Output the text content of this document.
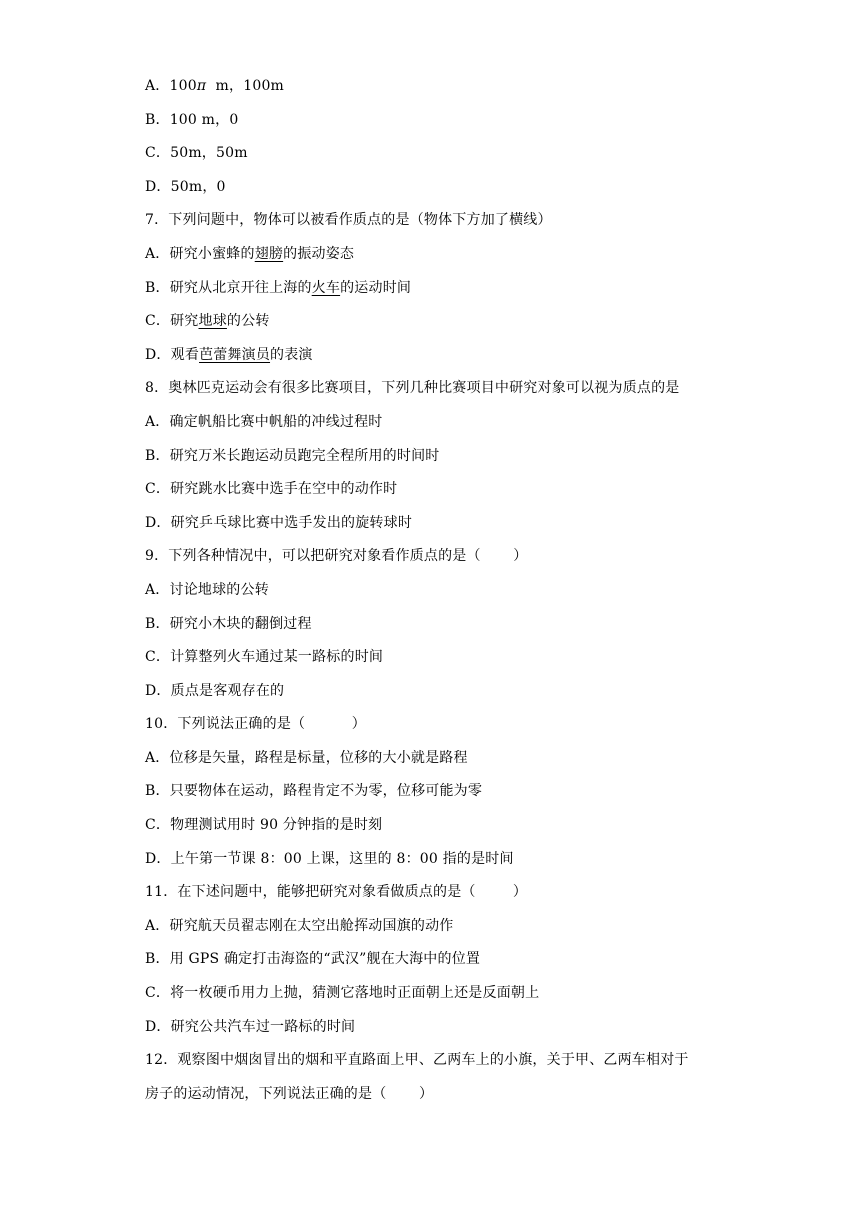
A．100π  m，100m
B．100 m，0
C．50m，50m
D．50m，0
7．下列问题中，物体可以被看作质点的是（物体下方加了横线）
A．研究小蜜蜂的翅膀的振动姿态
B．研究从北京开往上海的火车的运动时间
C．研究地球的公转
D．观看芭蕾舞演员的表演
8．奥林匹克运动会有很多比赛项目，下列几种比赛项目中研究对象可以视为质点的是
A．确定帆船比赛中帆船的冲线过程时
B．研究万米长跑运动员跑完全程所用的时间时
C．研究跳水比赛中选手在空中的动作时
D．研究乒乓球比赛中选手发出的旋转球时
9．下列各种情况中，可以把研究对象看作质点的是（       ）
A．讨论地球的公转
B．研究小木块的翻倒过程
C．计算整列火车通过某一路标的时间
D．质点是客观存在的
10．下列说法正确的是（          ）
A．位移是矢量，路程是标量，位移的大小就是路程
B．只要物体在运动，路程肯定不为零，位移可能为零
C．物理测试用时 90 分钟指的是时刻
D．上午第一节课 8：00 上课，这里的 8：00 指的是时间
11．在下述问题中，能够把研究对象看做质点的是（        ）
A．研究航天员翟志刚在太空出舱挥动国旗的动作
B．用 GPS 确定打击海盗的“武汉”舰在大海中的位置
C．将一枚硬币用力上抛，猜测它落地时正面朝上还是反面朝上
D．研究公共汽车过一路标的时间
12．观察图中烟囱冒出的烟和平直路面上甲、乙两车上的小旗，关于甲、乙两车相对于
房子的运动情况，下列说法正确的是（       ）
